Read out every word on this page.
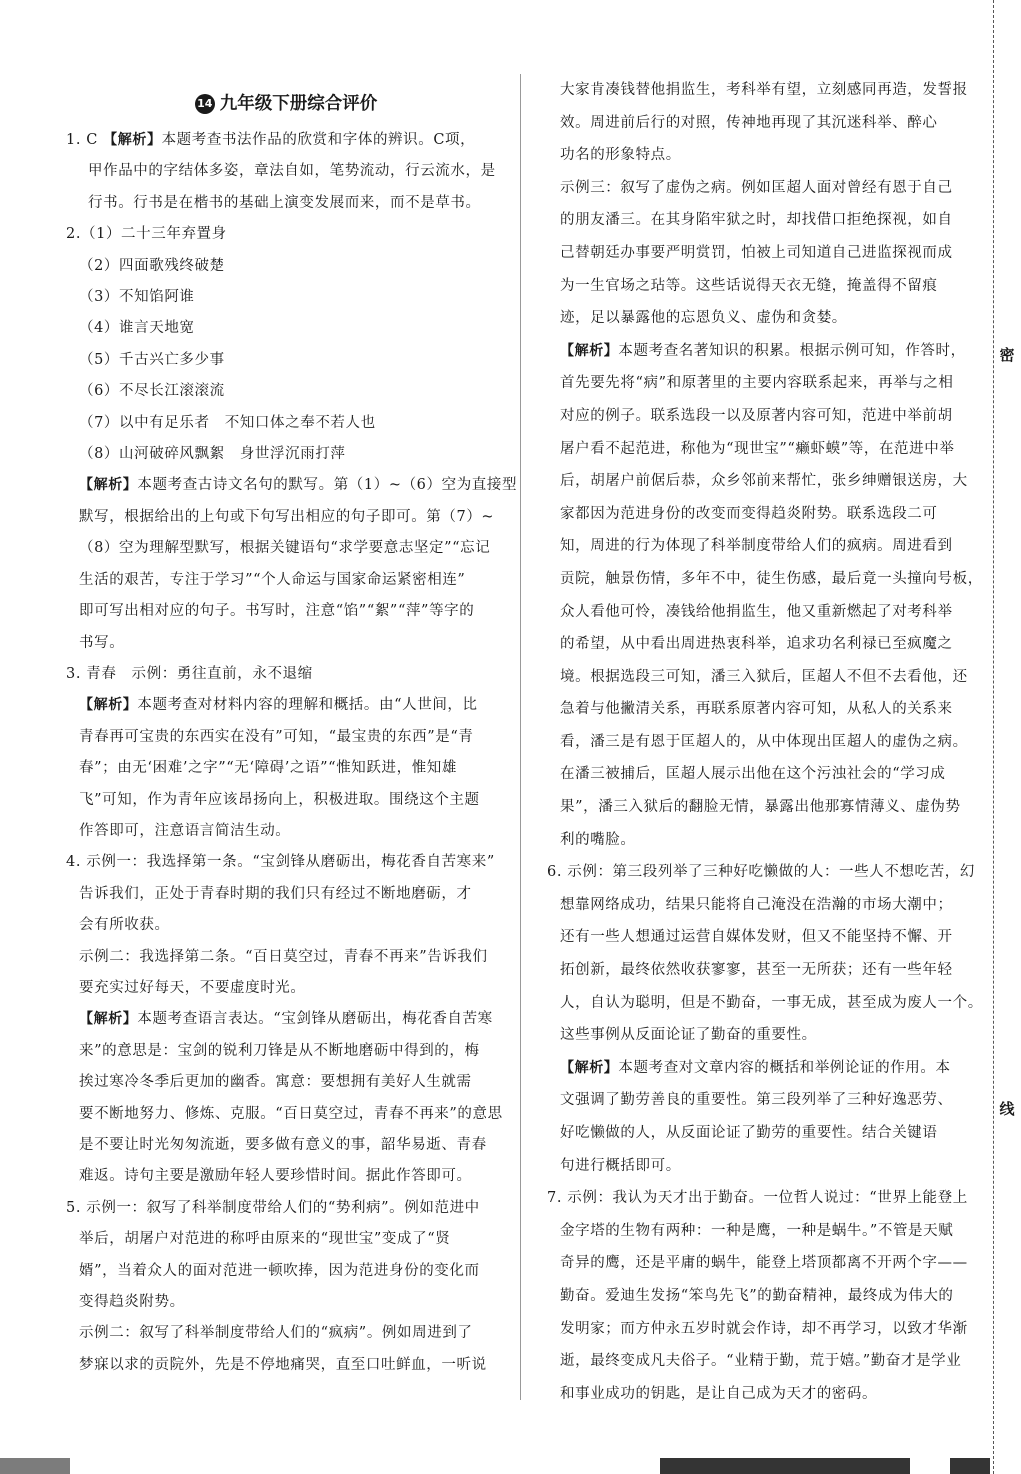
14 九年级下册综合评价
1. C 【解析】本题考查书法作品的欣赏和字体的辨识。C项，
甲作品中的字结体多姿，章法自如，笔势流动，行云流水，是
行书。行书是在楷书的基础上演变发展而来，而不是草书。
2.（1）二十三年弃置身
（2）四面歌残终破楚
（3）不知馅阿谁
（4）谁言天地宽
（5）千古兴亡多少事
（6）不尽长江滚滚流
（7）以中有足乐者　不知口体之奉不若人也
（8）山河破碎风飘絮　身世浮沉雨打萍
【解析】本题考查古诗文名句的默写。第（1）~（6）空为直接型
默写，根据给出的上句或下句写出相应的句子即可。第（7）~
（8）空为理解型默写，根据关键语句“求学要意志坚定”“忘记
生活的艰苦，专注于学习”“个人命运与国家命运紧密相连”
即可写出相对应的句子。书写时，注意“馅”“絮”“萍”等字的
书写。
3. 青春　示例：勇往直前，永不退缩
【解析】本题考查对材料内容的理解和概括。由“人世间，比
青春再可宝贵的东西实在没有”可知，“最宝贵的东西”是“青
春”；由无‘困难’之字”“无‘障碍’之语”“惟知跃进，惟知雄
飞”可知，作为青年应该昂扬向上，积极进取。围绕这个主题
作答即可，注意语言简洁生动。
4. 示例一：我选择第一条。“宝剑锋从磨砺出，梅花香自苦寒来”
告诉我们，正处于青春时期的我们只有经过不断地磨砺，才
会有所收获。
示例二：我选择第二条。“百日莫空过，青春不再来”告诉我们
要充实过好每天，不要虚度时光。
【解析】本题考查语言表达。“宝剑锋从磨砺出，梅花香自苦寒
来”的意思是：宝剑的锐利刀锋是从不断地磨砺中得到的，梅
挨过寒冷冬季后更加的幽香。寓意：要想拥有美好人生就需
要不断地努力、修炼、克服。“百日莫空过，青春不再来”的意思
是不要让时光匆匆流逝，要多做有意义的事，韶华易逝、青春
难返。诗句主要是激励年轻人要珍惜时间。据此作答即可。
5. 示例一：叙写了科举制度带给人们的“势利病”。例如范进中
举后，胡屠户对范进的称呼由原来的“现世宝”变成了“贤
婿”，当着众人的面对范进一顿吹捧，因为范进身份的变化而
变得趋炎附势。
示例二：叙写了科举制度带给人们的“疯病”。例如周进到了
梦寐以求的贡院外，先是不停地痛哭，直至口吐鲜血，一听说
大家肯凑钱替他捐监生，考科举有望，立刻感同再造，发誓报
效。周进前后行的对照，传神地再现了其沉迷科举、醉心
功名的形象特点。
示例三：叙写了虚伪之病。例如匡超人面对曾经有恩于自己
的朋友潘三。在其身陷牢狱之时，却找借口拒绝探视，如自
己替朝廷办事要严明赏罚，怕被上司知道自己进监探视而成
为一生官场之玷等。这些话说得天衣无缝，掩盖得不留痕
迹，足以暴露他的忘恩负义、虚伪和贪婪。
【解析】本题考查名著知识的积累。根据示例可知，作答时，
首先要先将“病”和原著里的主要内容联系起来，再举与之相
对应的例子。联系选段一以及原著内容可知，范进中举前胡
屠户看不起范进，称他为“现世宝”“癞虾蟆”等，在范进中举
后，胡屠户前倨后恭，众乡邻前来帮忙，张乡绅赠银送房，大
家都因为范进身份的改变而变得趋炎附势。联系选段二可
知，周进的行为体现了科举制度带给人们的疯病。周进看到
贡院，触景伤情，多年不中，徒生伤感，最后竟一头撞向号板，
众人看他可怜，凑钱给他捐监生，他又重新燃起了对考科举
的希望，从中看出周进热衷科举，追求功名利禄已至疯魔之
境。根据选段三可知，潘三入狱后，匡超人不但不去看他，还
急着与他撇清关系，再联系原著内容可知，从私人的关系来
看，潘三是有恩于匡超人的，从中体现出匡超人的虚伪之病。
在潘三被捕后，匡超人展示出他在这个污浊社会的“学习成
果”，潘三入狱后的翻脸无情，暴露出他那寡情薄义、虚伪势
利的嘴脸。
6. 示例：第三段列举了三种好吃懒做的人：一些人不想吃苦，幻
想靠网络成功，结果只能将自己淹没在浩瀚的市场大潮中；
还有一些人想通过运营自媒体发财，但又不能坚持不懈、开
拓创新，最终依然收获寥寥，甚至一无所获；还有一些年轻
人，自认为聪明，但是不勤奋，一事无成，甚至成为废人一个。
这些事例从反面论证了勤奋的重要性。
【解析】本题考查对文章内容的概括和举例论证的作用。本
文强调了勤劳善良的重要性。第三段列举了三种好逸恶劳、
好吃懒做的人，从反面论证了勤劳的重要性。结合关键语
句进行概括即可。
7. 示例：我认为天才出于勤奋。一位哲人说过：“世界上能登上
金字塔的生物有两种：一种是鹰，一种是蜗牛。”不管是天赋
奇异的鹰，还是平庸的蜗牛，能登上塔顶都离不开两个字——
勤奋。爱迪生发扬“笨鸟先飞”的勤奋精神，最终成为伟大的
发明家；而方仲永五岁时就会作诗，却不再学习，以致才华渐
逝，最终变成凡夫俗子。“业精于勤，荒于嬉。”勤奋才是学业
和事业成功的钥匙，是让自己成为天才的密码。
密
线
